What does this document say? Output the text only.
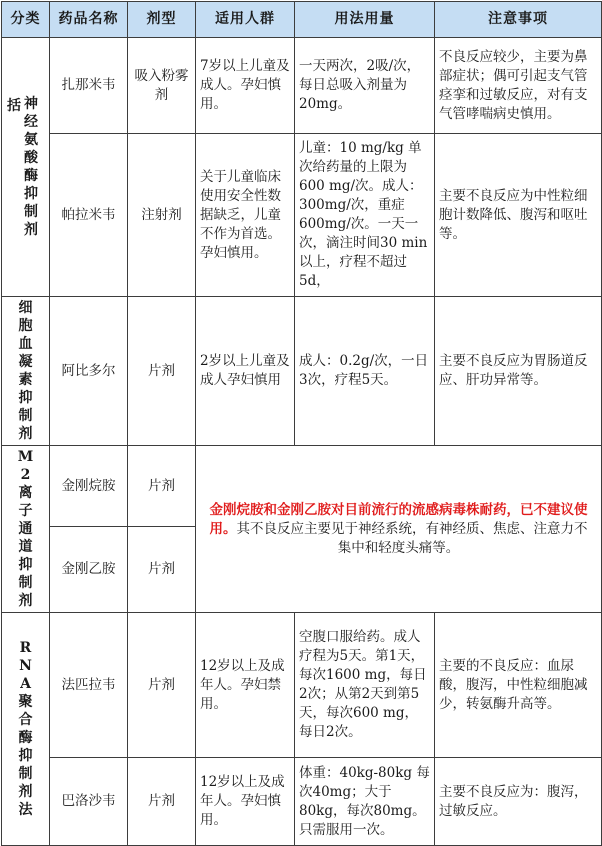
分类	药品名称	剂型	适用人群	用法用量	注意事项

括 神经氨酸酶抑制剂	扎那米韦	吸入粉雾剂	7岁以上儿童及成人。孕妇慎用。	一天两次，2吸/次，每日总吸入剂量为20mg。	不良反应较少，主要为鼻部症状；偶可引起支气管痉挛和过敏反应，对有支气管哮喘病史慎用。
	帕拉米韦	注射剂	关于儿童临床使用安全性数据缺乏，儿童不作为首选。孕妇慎用。	儿童：10 mg/kg 单次给药量的上限为600 mg/次。成人：300mg/次，重症600mg/次。一天一次，滴注时间30 min 以上，疗程不超过5d，	主要不良反应为中性粒细胞计数降低、腹泻和呕吐等。

细胞血凝素抑制剂	阿比多尔	片剂	2岁以上儿童及成人孕妇慎用	成人：0.2g/次，一日3次，疗程5天。	主要不良反应为胃肠道反应、肝功异常等。

M2离子通道抑制剂	金刚烷胺	片剂	金刚烷胺和金刚乙胺对目前流行的流感病毒株耐药，已不建议使用。其不良反应主要见于神经系统，有神经质、焦虑、注意力不集中和轻度头痛等。		
	金刚乙胺	片剂			

RNA聚合酶抑制剂法	法匹拉韦	片剂	12岁以上及成年人。孕妇禁用。	空腹口服给药。成人疗程为5天。第1天，每次1600 mg，每日2次；从第2天到第5天，每次600 mg，每日2次。	主要的不良反应：血尿酸，腹泻，中性粒细胞减少，转氨酶升高等。
	巴洛沙韦	片剂	12岁以上及成年人。孕妇慎用。	体重：40kg-80kg 每次40mg；大于80kg，每次80mg。只需服用一次。	主要不良反应为：腹泻，过敏反应。
